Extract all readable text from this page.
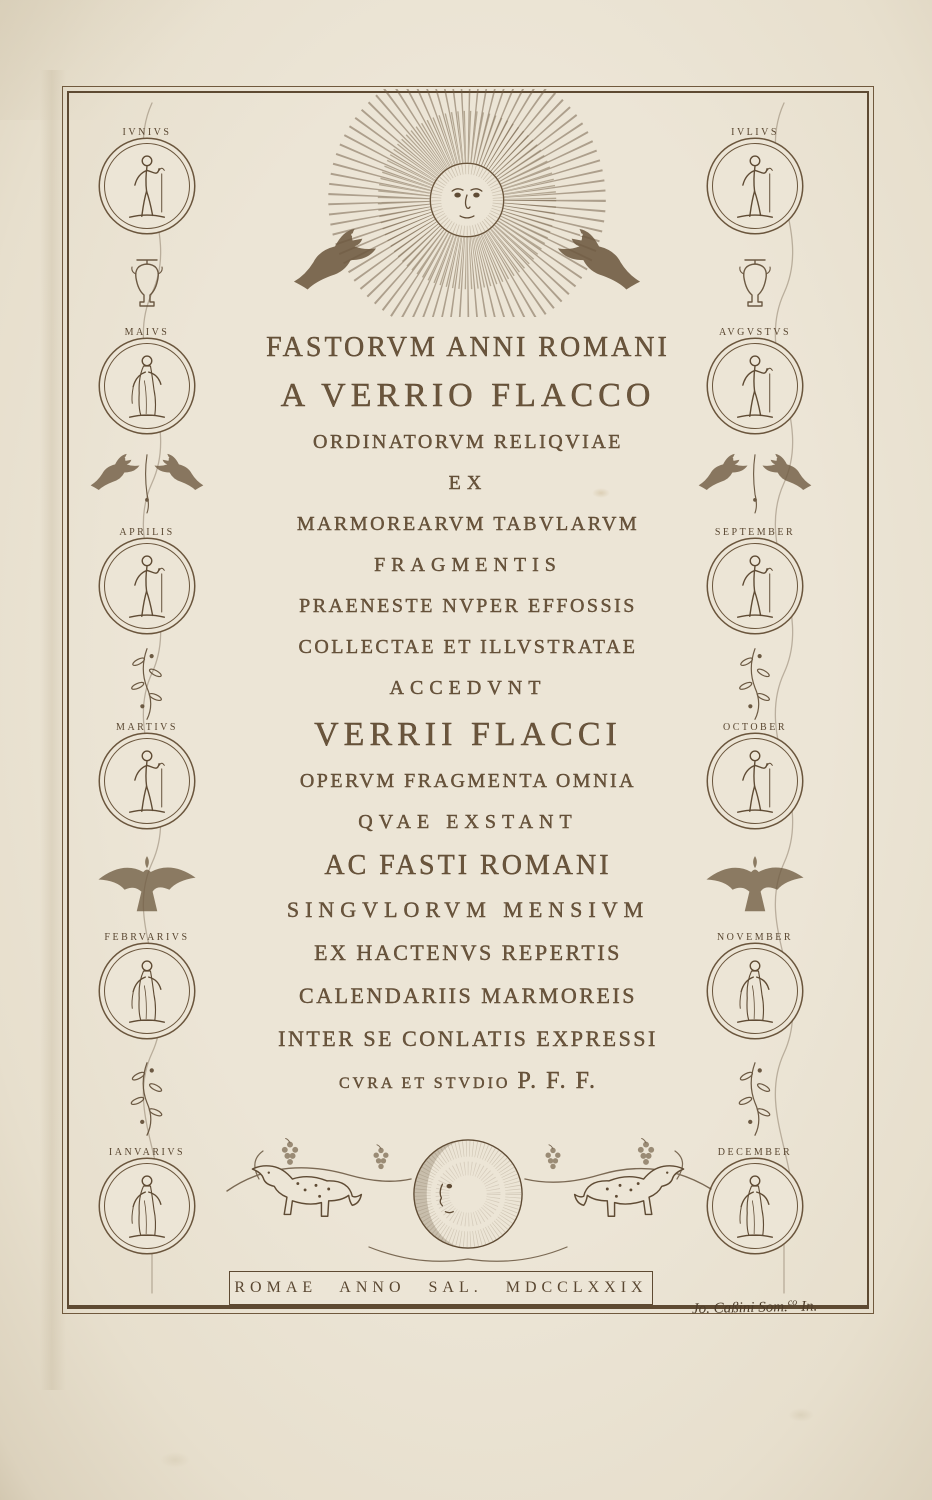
IVNIVS
MAIVS
APRILIS
MARTIVS
FEBRVARIVS
IANVARIVS
IVLIVS
AVGVSTVS
SEPTEMBER
OCTOBER
NOVEMBER
DECEMBER
FASTORVM ANNI ROMANI
A VERRIO FLACCO
ORDINATORVM RELIQVIAE
EX
MARMOREARVM TABVLARVM
FRAGMENTIS
PRAENESTE NVPER EFFOSSIS
COLLECTAE ET ILLVSTRATAE
ACCEDVNT
VERRII FLACCI
OPERVM FRAGMENTA OMNIA
QVAE EXSTANT
AC FASTI ROMANI
SINGVLORVM MENSIVM
EX HACTENVS REPERTIS
CALENDARIIS MARMOREIS
INTER SE CONLATIS EXPRESSI
CVRA ET STVDIO P. F. F.
ROMAE ANNO SAL. MDCCLXXIX
Jo. Caßini Som.$^{co}$ In.
